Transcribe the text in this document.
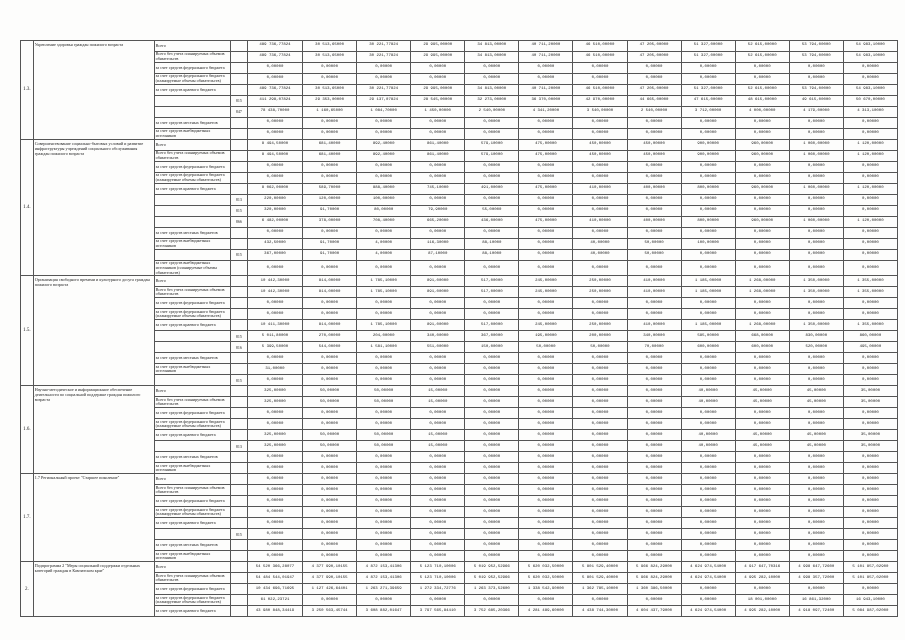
1.3.	Укрепление здоровья граждан пожилого возраста	Всего		489 736,77824	30 513,65000	30 221,77824	29 995,00000	34 813,00000	40 711,20000	46 510,00000	47 205,00000	51 327,00000	52 615,00000	53 794,00000	54 983,10000
		Всего без учета планируемых объемов обязательств		489 736,77824	30 513,65000	30 221,77824	29 995,00000	34 813,00000	40 711,20000	46 510,00000	47 205,00000	51 327,00000	52 615,00000	53 794,00000	54 983,10000
		за счет средств федерального бюджета		0,00000	0,00000	0,00000	0,00000	0,00000	0,00000	0,00000	0,00000	0,00000	0,00000	0,00000	0,00000
		за счет средств федерального бюджета (планируемые объемы обязательств)		0,00000	0,00000	0,00000	0,00000	0,00000	0,00000	0,00000	0,00000	0,00000	0,00000	0,00000	0,00000
		за счет средств краевого бюджета		489 736,77824	30 513,65000	30 221,77824	29 995,00000	34 813,00000	40 711,20000	46 510,00000	47 205,00000	51 327,00000	52 615,00000	53 794,00000	54 983,10000
			815	411 298,07824	29 353,00000	29 137,07824	28 545,00000	32 273,00000	36 370,00000	42 970,00000	44 665,00000	47 615,00000	48 615,00000	49 615,00000	50 670,00000
			847	78 438,70000	1 160,65000	1 084,70000	1 450,00000	2 540,00000	4 341,20000	3 540,00000	2 540,00000	3 712,00000	4 000,00000	4 179,00000	4 313,10000
		за счет средств местных бюджетов		0,00000	0,00000	0,00000	0,00000	0,00000	0,00000	0,00000	0,00000	0,00000	0,00000	0,00000	0,00000
		за счет средств внебюджетных источников		0,00000	0,00000	0,00000	0,00000	0,00000	0,00000	0,00000	0,00000	0,00000	0,00000	0,00000	0,00000
1.4.	Совершенствование социально-бытовых условий и развитие инфраструктуры учреждений социального обслуживания граждан пожилого возраста	Всего		8 494,50000	681,40000	892,40000	861,40000	579,10000	475,00000	450,00000	450,00000	900,00000	960,00000	1 060,00000	1 120,00000
		Всего без учета планируемых объемов обязательств		8 494,50000	681,40000	892,40000	861,40000	579,10000	475,00000	450,00000	450,00000	900,00000	960,00000	1 060,00000	1 120,00000
		за счет средств федерального бюджета		0,00000	0,00000	0,00000	0,00000	0,00000	0,00000	0,00000	0,00000	0,00000	0,00000	0,00000	0,00000
		за счет средств федерального бюджета (планируемые объемы обязательств)		0,00000	0,00000	0,00000	0,00000	0,00000	0,00000	0,00000	0,00000	0,00000	0,00000	0,00000	0,00000
		за счет средств краевого бюджета		8 062,00000	589,70000	888,40000	745,10000	491,00000	475,00000	410,00000	400,00000	800,00000	960,00000	1 060,00000	1 120,00000
			813	220,00000	120,00000	100,00000	0,00000	0,00000	0,00000	0,00000	0,00000	0,00000	0,00000	0,00000	0,00000
			815	320,00000	91,70000	80,00000	79,90000	55,00000	0,00000	0,00000	0,00000	0,00000	0,00000	0,00000	0,00000
			866	6 482,00000	378,00000	708,40000	665,20000	436,00000	475,00000	410,00000	400,00000	800,00000	960,00000	1 060,00000	1 120,00000
		за счет средств местных бюджетов		0,00000	0,00000	0,00000	0,00000	0,00000	0,00000	0,00000	0,00000	0,00000	0,00000	0,00000	0,00000
		за счет средств внебюджетных источников		432,50000	91,70000	4,00000	116,30000	88,10000	0,00000	40,00000	50,00000	100,00000	0,00000	0,00000	0,00000
			815	367,00000	91,70000	4,00000	87,10000	88,10000	0,00000	40,00000	50,00000	0,00000	0,00000	0,00000	0,00000
		за счет средств внебюджетных источников (планируемые объемы обязательств)		0,00000	0,00000	0,00000	0,00000	0,00000	0,00000	0,00000	0,00000	0,00000	0,00000	0,00000	0,00000
1.5.	Организация свободного времени и культурного досуга граждан пожилого возраста	Всего		10 442,30000	814,00000	1 785,10000	891,00000	517,00000	245,00000	250,00000	410,00000	1 185,00000	1 268,00000	1 350,00000	1 355,00000
		Всего без учета планируемых объемов обязательств		10 442,30000	814,00000	1 785,10000	891,00000	517,00000	245,00000	250,00000	410,00000	1 185,00000	1 268,00000	1 350,00000	1 355,00000
		за счет средств федерального бюджета		0,00000	0,00000	0,00000	0,00000	0,00000	0,00000	0,00000	0,00000	0,00000	0,00000	0,00000	0,00000
		за счет средств федерального бюджета (планируемые объемы обязательств)		0,00000	0,00000	0,00000	0,00000	0,00000	0,00000	0,00000	0,00000	0,00000	0,00000	0,00000	0,00000
		за счет средств краевого бюджета		10 411,30000	814,00000	1 785,10000	891,00000	517,00000	245,00000	250,00000	410,00000	1 185,00000	1 268,00000	1 350,00000	1 355,00000
			815	5 011,80000	270,00000	204,00000	340,00000	367,00000	195,00000	200,00000	340,00000	585,00000	668,00000	830,00000	860,00000
			816	5 399,50000	544,00000	1 581,10000	551,00000	150,00000	50,00000	50,00000	70,00000	600,00000	600,00000	520,00000	495,00000
		за счет средств местных бюджетов		0,00000	0,00000	0,00000	0,00000	0,00000	0,00000	0,00000	0,00000	0,00000	0,00000	0,00000	0,00000
		за счет средств внебюджетных источников		31,00000	0,00000	0,00000	0,00000	0,00000	0,00000	0,00000	0,00000	0,00000	0,00000	0,00000	0,00000
			815	0,00000	0,00000	0,00000	0,00000	0,00000	0,00000	0,00000	0,00000	0,00000	0,00000	0,00000	0,00000
1.6.	Научно-методическое и информационное обеспечение деятельности по социальной поддержке граждан пожилого возраста	Всего		325,00000	50,00000	50,00000	15,00000	0,00000	0,00000	0,00000	0,00000	40,00000	45,00000	45,00000	35,00000
		Всего без учета планируемых объемов обязательств		325,00000	50,00000	50,00000	15,00000	0,00000	0,00000	0,00000	0,00000	40,00000	45,00000	45,00000	35,00000
		за счет средств федерального бюджета		0,00000	0,00000	0,00000	0,00000	0,00000	0,00000	0,00000	0,00000	0,00000	0,00000	0,00000	0,00000
		за счет средств федерального бюджета (планируемые объемы обязательств)		0,00000	0,00000	0,00000	0,00000	0,00000	0,00000	0,00000	0,00000	0,00000	0,00000	0,00000	0,00000
		за счет средств краевого бюджета		325,00000	50,00000	50,00000	15,00000	0,00000	0,00000	0,00000	0,00000	40,00000	45,00000	45,00000	35,00000
			813	325,00000	50,00000	50,00000	15,00000	0,00000	0,00000	0,00000	0,00000	40,00000	45,00000	45,00000	35,00000
		за счет средств местных бюджетов		0,00000	0,00000	0,00000	0,00000	0,00000	0,00000	0,00000	0,00000	0,00000	0,00000	0,00000	0,00000
		за счет средств внебюджетных источников		0,00000	0,00000	0,00000	0,00000	0,00000	0,00000	0,00000	0,00000	0,00000	0,00000	0,00000	0,00000
1.7.	1.7 Региональный проект "Старшее поколение"	Всего		0,00000	0,00000	0,00000	0,00000	0,00000	0,00000	0,00000	0,00000	0,00000	0,00000	0,00000	0,00000
		Всего без учета планируемых объемов обязательств		0,00000	0,00000	0,00000	0,00000	0,00000	0,00000	0,00000	0,00000	0,00000	0,00000	0,00000	0,00000
		за счет средств федерального бюджета		0,00000	0,00000	0,00000	0,00000	0,00000	0,00000	0,00000	0,00000	0,00000	0,00000	0,00000	0,00000
		за счет средств федерального бюджета (планируемые объемы обязательств)		0,00000	0,00000	0,00000	0,00000	0,00000	0,00000	0,00000	0,00000	0,00000	0,00000	0,00000	0,00000
		за счет средств краевого бюджета		0,00000	0,00000	0,00000	0,00000	0,00000	0,00000	0,00000	0,00000	0,00000	0,00000	0,00000	0,00000
			815	0,00000	0,00000	0,00000	0,00000	0,00000	0,00000	0,00000	0,00000	0,00000	0,00000	0,00000	0,00000
		за счет средств местных бюджетов		0,00000	0,00000	0,00000	0,00000	0,00000	0,00000	0,00000	0,00000	0,00000	0,00000	0,00000	0,00000
		за счет средств внебюджетных источников		0,00000	0,00000	0,00000	0,00000	0,00000	0,00000	0,00000	0,00000	0,00000	0,00000	0,00000	0,00000
2.	Подпрограмма 2 "Меры социальной поддержки отдельных категорий граждан в Камчатском крае"	Всего		54 520 366,28077	4 377 990,10155	4 872 153,41306	5 123 710,10006	5 019 952,52966	5 620 032,50000	5 801 529,40000	5 966 824,29000	4 624 974,54000	4 917 647,70316	4 998 647,72600	5 101 857,02900
		Всего без учета планируемых объемов обязательств		54 484 544,01947	4 377 990,10155	4 872 153,41306	5 123 710,10006	5 019 952,52966	5 620 032,50000	5 801 529,40000	5 966 824,29000	4 624 974,54000	4 995 282,10000	4 998 357,72000	5 101 857,02000
		за счет средств федерального бюджета		10 434 696,71695	1 127 426,64401	1 263 271,39659	1 272 334,72776	1 263 373,52600	1 338 542,90000	1 362 785,10000	1 360 386,50000	0,00000	0,00000	0,00000	0,00000
		за счет средств федерального бюджета (планируемые объемы обязательств)		61 022,23721	0,00000	0,00000	0,00000	0,00000	0,00000	0,00000	0,00000	0,00000	18 001,00000	16 861,32000	16 943,10000
		за счет средств краевого бюджета		43 980 848,34419	3 250 563,45744	3 608 882,01647	3 797 565,84410	3 752 685,20366	4 281 489,60000	4 438 744,30000	4 604 437,79000	4 624 974,54000	4 995 282,10000	4 918 097,72400	5 084 987,02000
